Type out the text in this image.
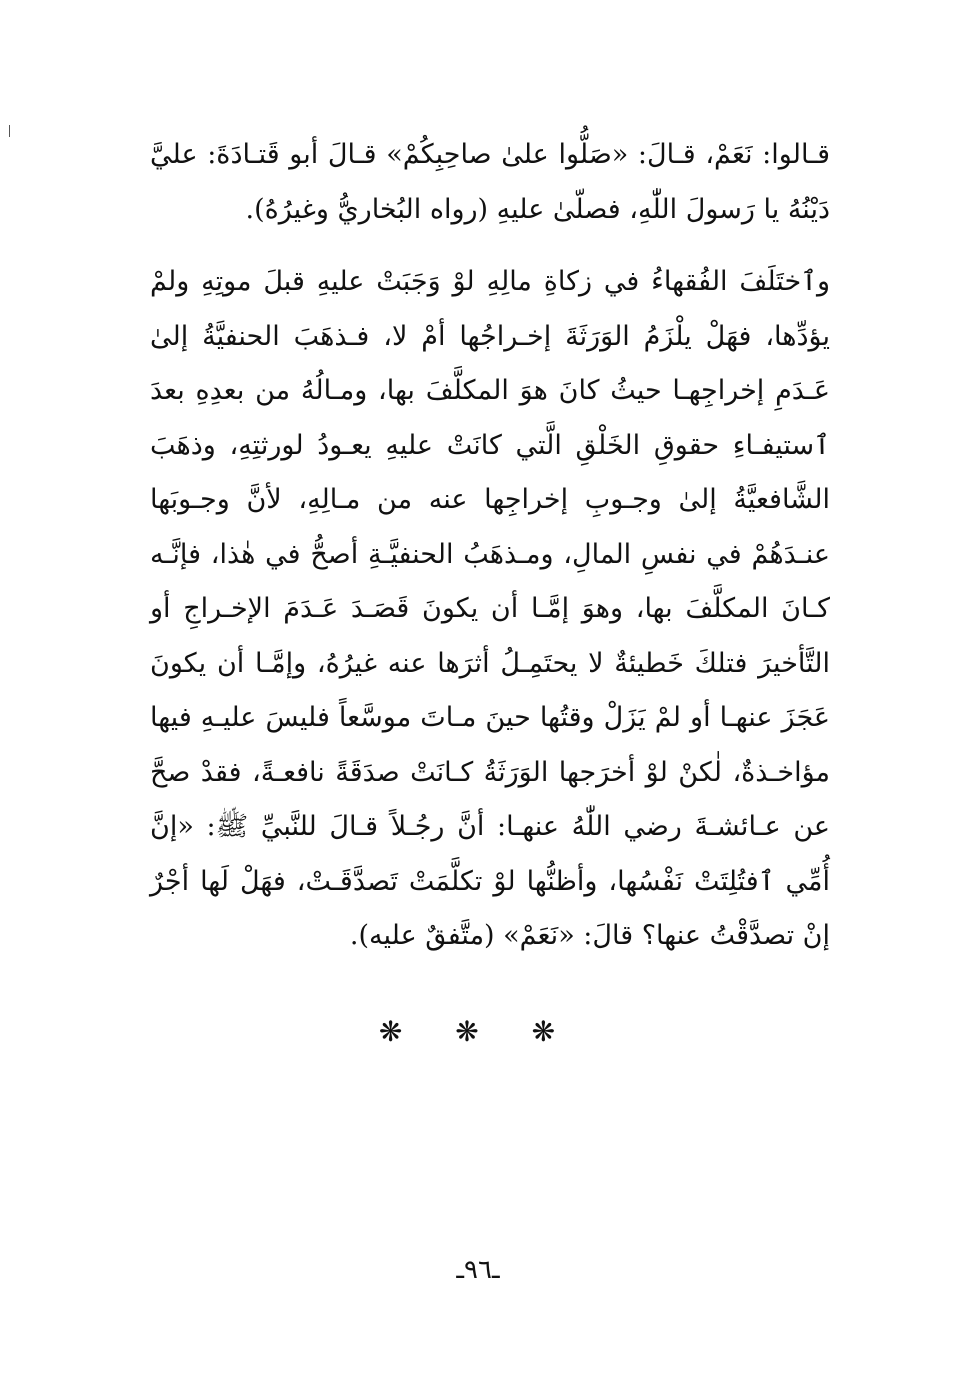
قـالوا: نَعَمْ، قـالَ: «صَلُّوا علىٰ صاحِبِكُمْ» قـالَ أبو قَتـادَةَ: عليَّ دَيْنُهُ يا رَسولَ اللّٰهِ، فصلّىٰ عليهِ (رواه البُخاريُّ وغيرُهُ).

وٱختَلَفَ الفُقهاءُ في زكاةِ مالِهِ لوْ وَجَبَتْ عليهِ قبلَ موتِهِ ولمْ يؤدِّها، فهَلْ يلْزَمُ الوَرَثَةَ إخـراجُها أمْ لا، فـذهَبَ الحنفيَّةُ إلىٰ عَـدَمِ إخراجِهـا حيثُ كانَ هوَ المكلَّفَ بها، ومـالُهُ من بعدِهِ بعدَ ٱستيفـاءِ حقوقِ الخَلْقِ الَّتي كانَتْ عليهِ يعـودُ لورثتِهِ، وذهَبَ الشَّافعيَّةُ إلىٰ وجـوبِ إخراجِها عنه من مـالِهِ، لأنَّ وجـوبَها عنـدَهُمْ في نفسِ المالِ، ومـذهَبُ الحنفيَّـةِ أصحُّ في هٰذا، فإنَّـه كـانَ المكلَّفَ بها، وهوَ إمَّـا أن يكونَ قَصَـدَ عَـدَمَ الإخـراجِ أو التَّأخيرَ فتلكَ خَطيئةٌ لا يحتَمِـلُ أثرَها عنه غيرُهُ، وإمَّـا أن يكونَ عَجَزَ عنهـا أو لمْ يَزَلْ وقتُها حينَ مـاتَ موسَّعاً فليسَ عليـهِ فيها مؤاخـذةٌ، لٰكنْ لوْ أخرَجها الوَرَثَةُ كـانَتْ صدَقَةً نافعـةً، فقدْ صحَّ عن عـائشـةَ رضي اللّٰهُ عنهـا: أنَّ رجُـلاً قـالَ للنَّبيِّ ﷺ: «إنَّ أُمِّي ٱفتُلِتَتْ نَفْسُها، وأظنُّها لوْ تكلَّمَتْ تَصدَّقَـتْ، فهَلْ لَها أجْرٌ إنْ تصدَّقْتُ عنها؟ قالَ: «نَعَمْ» (متَّفقٌ عليه).

❋ ❋ ❋
ـ٩٦ـ
